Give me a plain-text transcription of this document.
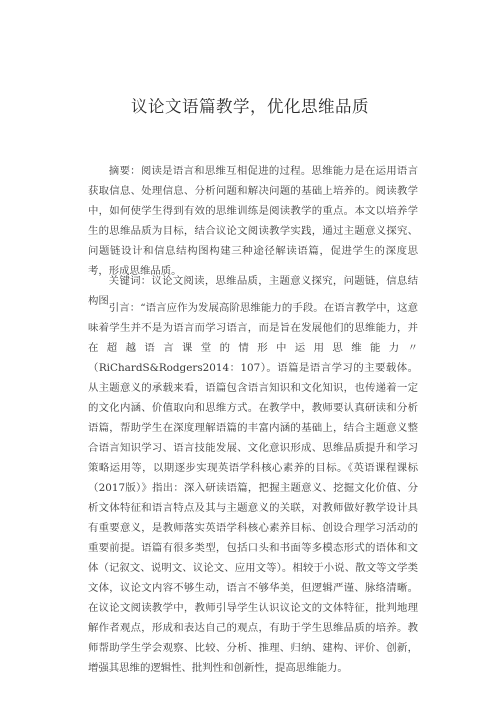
议论文语篇教学，优化思维品质

摘要：阅读是语言和思维互相促进的过程。思维能力是在运用语言获取信息、处理信息、分析问题和解决问题的基础上培养的。阅读教学中，如何使学生得到有效的思维训练是阅读教学的重点。本文以培养学生的思维品质为目标，结合议论文阅读教学实践，通过主题意义探究、问题链设计和信息结构图构建三种途径解读语篇，促进学生的深度思考，形成思维品质。

关键词：议论文阅读，思维品质，主题意义探究，问题链，信息结构图

引言：“语言应作为发展高阶思维能力的手段。在语言教学中，这意味着学生并不是为语言而学习语言，而是旨在发展他们的思维能力，并在超越语言课堂的情形中运用思维能力〃（RiChardS&Rodgers2014：107）。语篇是语言学习的主要载体。从主题意义的承载来看，语篇包含语言知识和文化知识，也传递着一定的文化内涵、价值取向和思维方式。在教学中，教师要认真研读和分析语篇，帮助学生在深度理解语篇的丰富内涵的基础上，结合主题意义整合语言知识学习、语言技能发展、文化意识形成、思维品质提升和学习策略运用等，以期逐步实现英语学科核心素养的目标。《英语课程课标（2017版）》指出：深入研读语篇，把握主题意义、挖掘文化价值、分析文体特征和语言特点及其与主题意义的关联，对教师做好教学设计具有重要意义，是教师落实英语学科核心素养目标、创设合理学习活动的重要前提。语篇有很多类型，包括口头和书面等多模态形式的语体和文体（记叙文、说明文、议论文、应用文等）。相较于小说、散文等文学类文体，议论文内容不够生动，语言不够华美，但逻辑严谨、脉络清晰。在议论文阅读教学中，教师引导学生认识议论文的文体特征，批判地理解作者观点，形成和表达自己的观点，有助于学生思维品质的培养。教师帮助学生学会观察、比较、分析、推理、归纳、建构、评价、创新，增强其思维的逻辑性、批判性和创新性，提高思维能力。
